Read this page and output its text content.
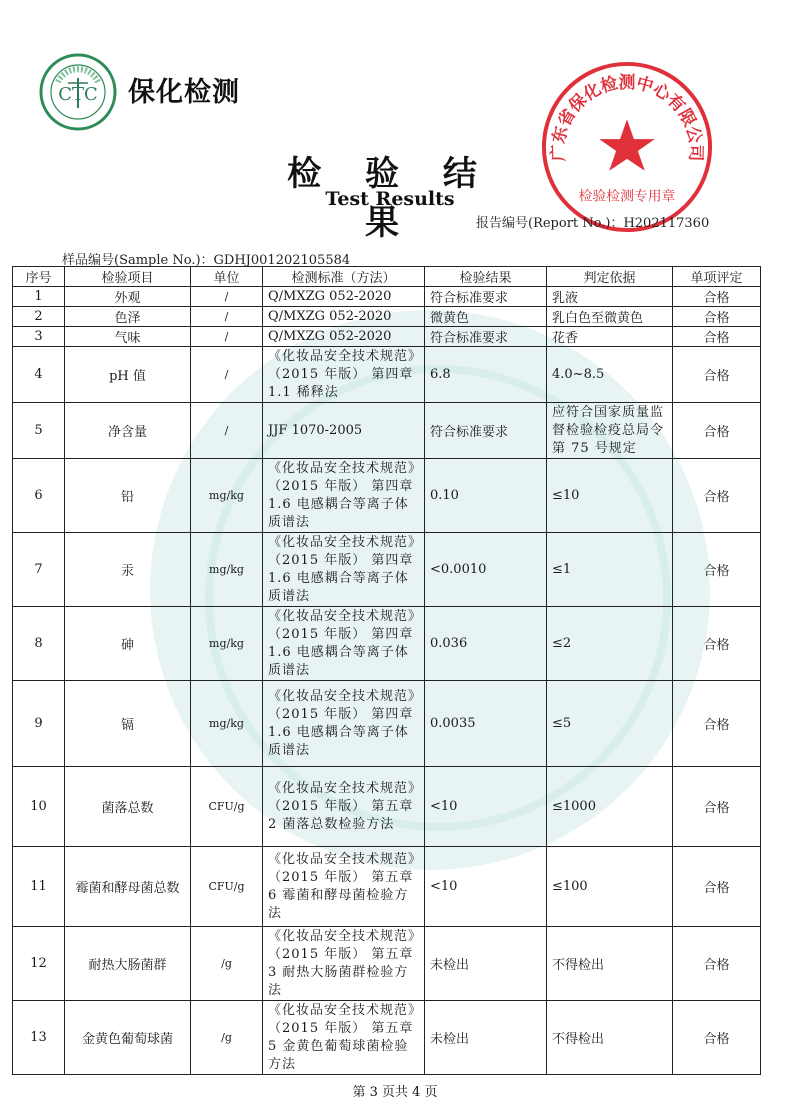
CTC 保化检测
检 验 结 果
Test Results
广东省保化检测中心有限公司
检验检测专用章
报告编号(Report No.)：H202117360
样品编号(Sample No.)：GDHJ001202105584
序号	检验项目	单位	检测标准（方法）	检验结果	判定依据	单项评定
1	外观	/	Q/MXZG 052-2020	符合标准要求	乳液	合格
2	色泽	/	Q/MXZG 052-2020	微黄色	乳白色至微黄色	合格
3	气味	/	Q/MXZG 052-2020	符合标准要求	花香	合格
4	pH 值	/	《化妆品安全技术规范》（2015 年版） 第四章 1.1 稀释法	6.8	4.0~8.5	合格
5	净含量	/	JJF 1070-2005	符合标准要求	应符合国家质量监督检验检疫总局令第 75 号规定	合格
6	铅	mg/kg	《化妆品安全技术规范》（2015 年版） 第四章 1.6 电感耦合等离子体质谱法	0.10	≤10	合格
7	汞	mg/kg	《化妆品安全技术规范》（2015 年版） 第四章 1.6 电感耦合等离子体质谱法	<0.0010	≤1	合格
8	砷	mg/kg	《化妆品安全技术规范》（2015 年版） 第四章 1.6 电感耦合等离子体质谱法	0.036	≤2	合格
9	镉	mg/kg	《化妆品安全技术规范》（2015 年版） 第四章 1.6 电感耦合等离子体质谱法	0.0035	≤5	合格
10	菌落总数	CFU/g	《化妆品安全技术规范》（2015 年版） 第五章 2 菌落总数检验方法	<10	≤1000	合格
11	霉菌和酵母菌总数	CFU/g	《化妆品安全技术规范》（2015 年版） 第五章 6 霉菌和酵母菌检验方法	<10	≤100	合格
12	耐热大肠菌群	/g	《化妆品安全技术规范》（2015 年版） 第五章 3 耐热大肠菌群检验方法	未检出	不得检出	合格
13	金黄色葡萄球菌	/g	《化妆品安全技术规范》（2015 年版） 第五章 5 金黄色葡萄球菌检验方法	未检出	不得检出	合格
第 3 页共 4 页
